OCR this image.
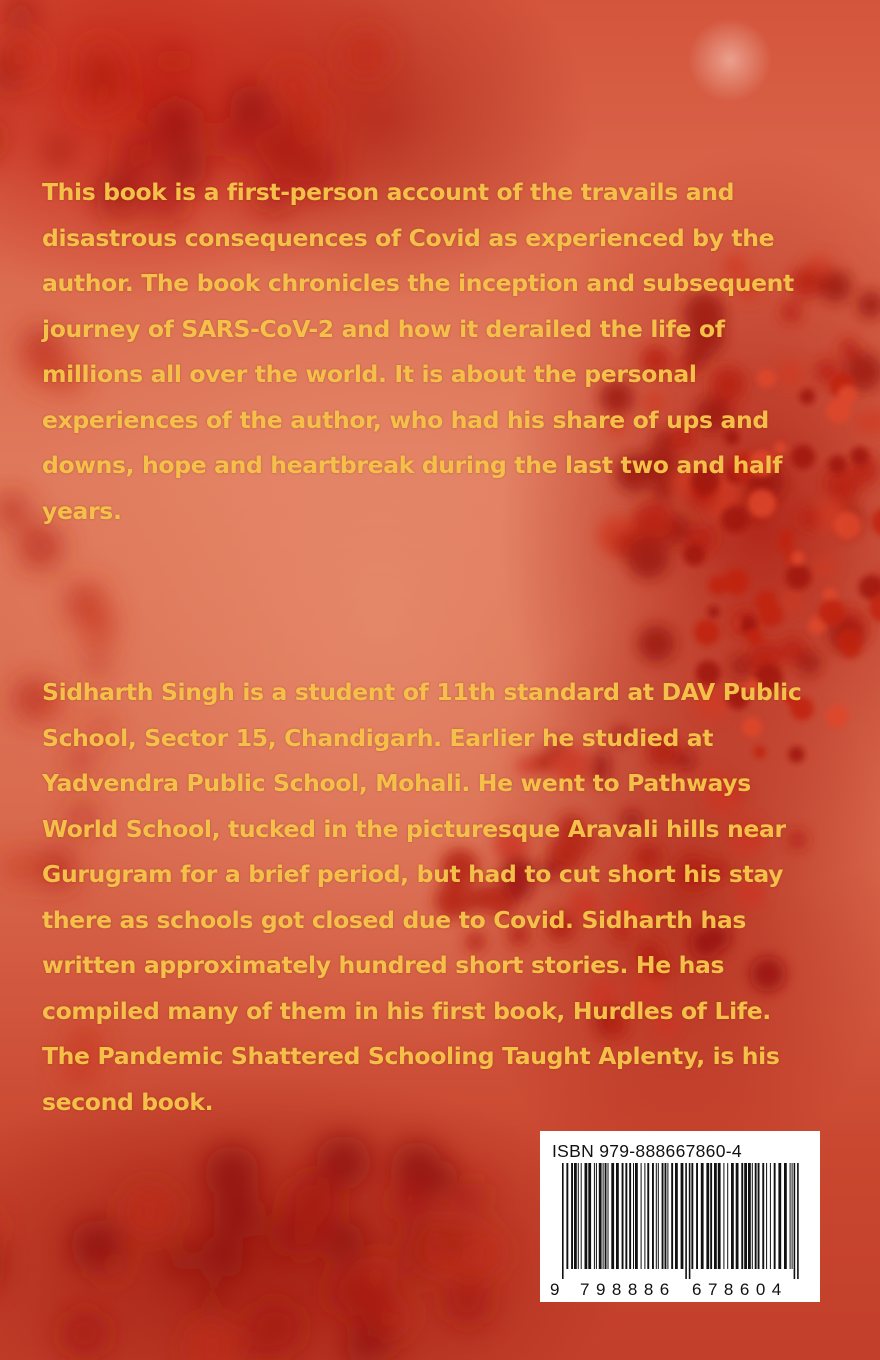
This book is a first-person account of the travails and disastrous consequences of Covid as experienced by the author. The book chronicles the inception and subsequent journey of SARS-CoV-2 and how it derailed the life of millions all over the world. It is about the personal experiences of the author, who had his share of ups and downs, hope and heartbreak during the last two and half years.

Sidharth Singh is a student of 11th standard at DAV Public School, Sector 15, Chandigarh. Earlier he studied at Yadvendra Public School, Mohali. He went to Pathways World School, tucked in the picturesque Aravali hills near Gurugram for a brief period, but had to cut short his stay there as schools got closed due to Covid. Sidharth has written approximately hundred short stories. He has compiled many of them in his first book, Hurdles of Life. The Pandemic Shattered Schooling Taught Aplenty, is his second book.

ISBN 979-888667860-4
9 798886 678604
